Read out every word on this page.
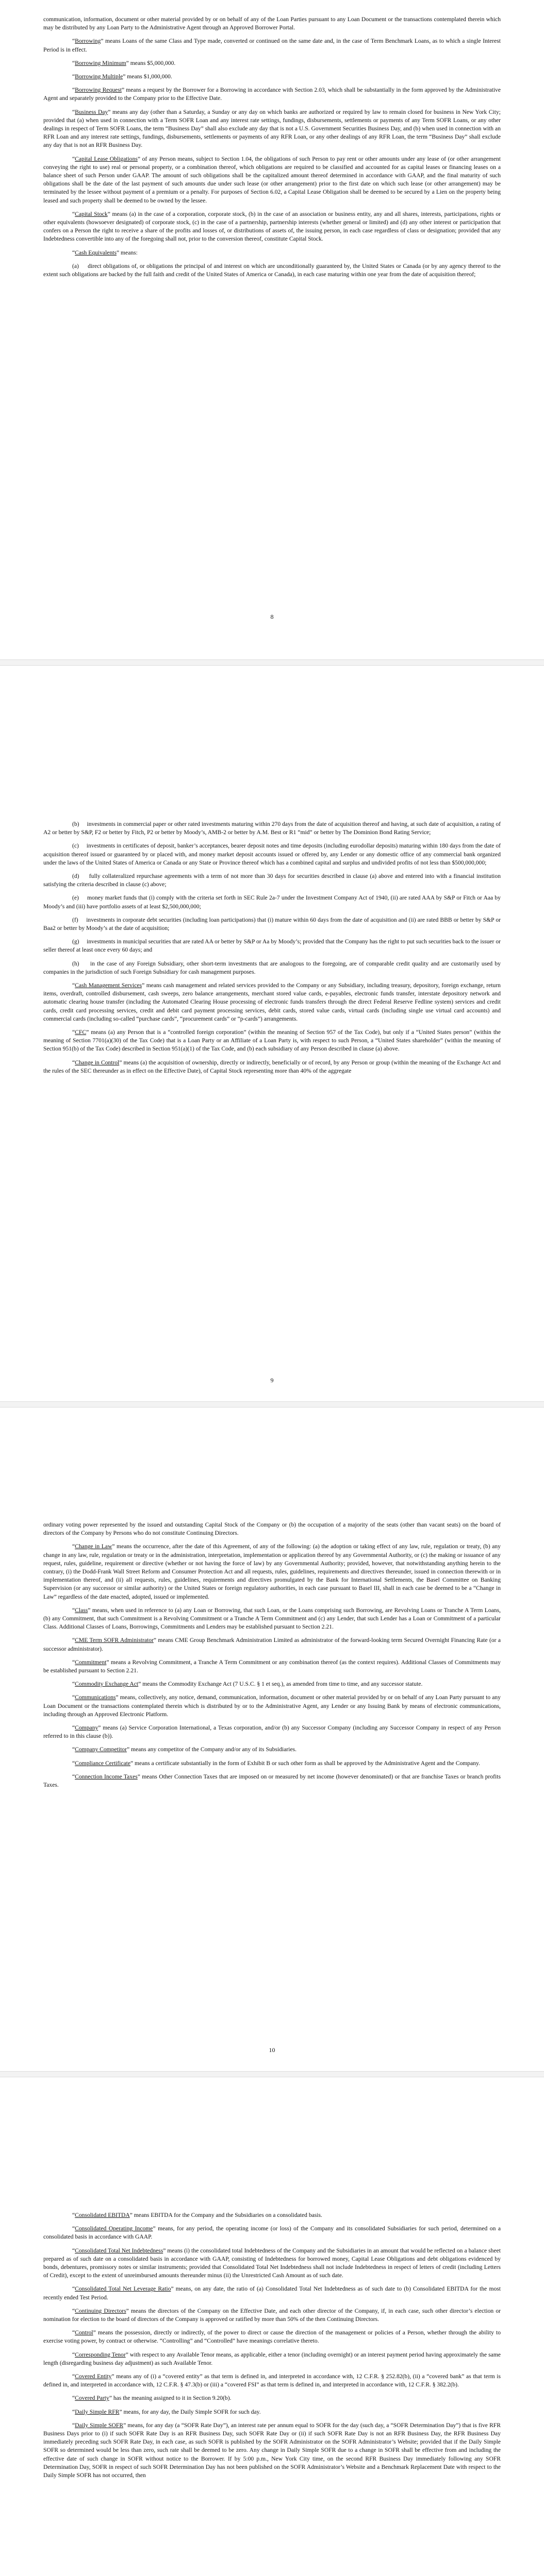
communication, information, document or other material provided by or on behalf of any of the Loan Parties pursuant to any Loan Document or the transactions contemplated therein which may be distributed by any Loan Party to the Administrative Agent through an Approved Borrower Portal.

“Borrowing” means Loans of the same Class and Type made, converted or continued on the same date and, in the case of Term Benchmark Loans, as to which a single Interest Period is in effect.

“Borrowing Minimum” means $5,000,000.

“Borrowing Multiple” means $1,000,000.

“Borrowing Request” means a request by the Borrower for a Borrowing in accordance with Section 2.03, which shall be substantially in the form approved by the Administrative Agent and separately provided to the Company prior to the Effective Date.

“Business Day” means any day (other than a Saturday, a Sunday or any day on which banks are authorized or required by law to remain closed for business in New York City; provided that (a) when used in connection with a Term SOFR Loan and any interest rate settings, fundings, disbursements, settlements or payments of any Term SOFR Loans, or any other dealings in respect of Term SOFR Loans, the term “Business Day” shall also exclude any day that is not a U.S. Government Securities Business Day, and (b) when used in connection with an RFR Loan and any interest rate settings, fundings, disbursements, settlements or payments of any RFR Loan, or any other dealings of any RFR Loan, the term “Business Day” shall exclude any day that is not an RFR Business Day.

“Capital Lease Obligations” of any Person means, subject to Section 1.04, the obligations of such Person to pay rent or other amounts under any lease of (or other arrangement conveying the right to use) real or personal property, or a combination thereof, which obligations are required to be classified and accounted for as capital leases or financing leases on a balance sheet of such Person under GAAP. The amount of such obligations shall be the capitalized amount thereof determined in accordance with GAAP, and the final maturity of such obligations shall be the date of the last payment of such amounts due under such lease (or other arrangement) prior to the first date on which such lease (or other arrangement) may be terminated by the lessee without payment of a premium or a penalty. For purposes of Section 6.02, a Capital Lease Obligation shall be deemed to be secured by a Lien on the property being leased and such property shall be deemed to be owned by the lessee.

“Capital Stock” means (a) in the case of a corporation, corporate stock, (b) in the case of an association or business entity, any and all shares, interests, participations, rights or other equivalents (howsoever designated) of corporate stock, (c) in the case of a partnership, partnership interests (whether general or limited) and (d) any other interest or participation that confers on a Person the right to receive a share of the profits and losses of, or distributions of assets of, the issuing person, in each case regardless of class or designation; provided that any Indebtedness convertible into any of the foregoing shall not, prior to the conversion thereof, constitute Capital Stock.

“Cash Equivalents” means:

(a)     direct obligations of, or obligations the principal of and interest on which are unconditionally guaranteed by, the United States or Canada (or by any agency thereof to the extent such obligations are backed by the full faith and credit of the United States of America or Canada), in each case maturing within one year from the date of acquisition thereof;

8

(b)     investments in commercial paper or other rated investments maturing within 270 days from the date of acquisition thereof and having, at such date of acquisition, a rating of A2 or better by S&P, F2 or better by Fitch, P2 or better by Moody’s, AMB-2 or better by A.M. Best or R1 “mid” or better by The Dominion Bond Rating Service;

(c)     investments in certificates of deposit, banker’s acceptances, bearer deposit notes and time deposits (including eurodollar deposits) maturing within 180 days from the date of acquisition thereof issued or guaranteed by or placed with, and money market deposit accounts issued or offered by, any Lender or any domestic office of any commercial bank organized under the laws of the United States of America or Canada or any State or Province thereof which has a combined capital and surplus and undivided profits of not less than $500,000,000;

(d)     fully collateralized repurchase agreements with a term of not more than 30 days for securities described in clause (a) above and entered into with a financial institution satisfying the criteria described in clause (c) above;

(e)     money market funds that (i) comply with the criteria set forth in SEC Rule 2a-7 under the Investment Company Act of 1940, (ii) are rated AAA by S&P or Fitch or Aaa by Moody’s and (iii) have portfolio assets of at least $2,500,000,000;

(f)     investments in corporate debt securities (including loan participations) that (i) mature within 60 days from the date of acquisition and (ii) are rated BBB or better by S&P or Baa2 or better by Moody’s at the date of acquisition;

(g)     investments in municipal securities that are rated AA or better by S&P or Aa by Moody’s; provided that the Company has the right to put such securities back to the issuer or seller thereof at least once every 60 days; and

(h)     in the case of any Foreign Subsidiary, other short-term investments that are analogous to the foregoing, are of comparable credit quality and are customarily used by companies in the jurisdiction of such Foreign Subsidiary for cash management purposes.

“Cash Management Services” means cash management and related services provided to the Company or any Subsidiary, including treasury, depository, foreign exchange, return items, overdraft, controlled disbursement, cash sweeps, zero balance arrangements, merchant stored value cards, e-payables, electronic funds transfer, interstate depository network and automatic clearing house transfer (including the Automated Clearing House processing of electronic funds transfers through the direct Federal Reserve Fedline system) services and credit cards, credit card processing services, credit and debit card payment processing services, debit cards, stored value cards, virtual cards (including single use virtual card accounts) and commercial cards (including so-called “purchase cards”, “procurement cards” or “p-cards”) arrangements.

“CFC” means (a) any Person that is a “controlled foreign corporation” (within the meaning of Section 957 of the Tax Code), but only if a “United States person” (within the meaning of Section 7701(a)(30) of the Tax Code) that is a Loan Party or an Affiliate of a Loan Party is, with respect to such Person, a “United States shareholder” (within the meaning of Section 951(b) of the Tax Code) described in Section 951(a)(1) of the Tax Code, and (b) each subsidiary of any Person described in clause (a) above.

“Change in Control” means (a) the acquisition of ownership, directly or indirectly, beneficially or of record, by any Person or group (within the meaning of the Exchange Act and the rules of the SEC thereunder as in effect on the Effective Date), of Capital Stock representing more than 40% of the aggregate

9

ordinary voting power represented by the issued and outstanding Capital Stock of the Company or (b) the occupation of a majority of the seats (other than vacant seats) on the board of directors of the Company by Persons who do not constitute Continuing Directors.

“Change in Law” means the occurrence, after the date of this Agreement, of any of the following: (a) the adoption or taking effect of any law, rule, regulation or treaty, (b) any change in any law, rule, regulation or treaty or in the administration, interpretation, implementation or application thereof by any Governmental Authority, or (c) the making or issuance of any request, rules, guideline, requirement or directive (whether or not having the force of law) by any Governmental Authority; provided, however, that notwithstanding anything herein to the contrary, (i) the Dodd-Frank Wall Street Reform and Consumer Protection Act and all requests, rules, guidelines, requirements and directives thereunder, issued in connection therewith or in implementation thereof, and (ii) all requests, rules, guidelines, requirements and directives promulgated by the Bank for International Settlements, the Basel Committee on Banking Supervision (or any successor or similar authority) or the United States or foreign regulatory authorities, in each case pursuant to Basel III, shall in each case be deemed to be a “Change in Law” regardless of the date enacted, adopted, issued or implemented.

“Class” means, when used in reference to (a) any Loan or Borrowing, that such Loan, or the Loans comprising such Borrowing, are Revolving Loans or Tranche A Term Loans, (b) any Commitment, that such Commitment is a Revolving Commitment or a Tranche A Term Commitment and (c) any Lender, that such Lender has a Loan or Commitment of a particular Class. Additional Classes of Loans, Borrowings, Commitments and Lenders may be established pursuant to Section 2.21.

“CME Term SOFR Administrator” means CME Group Benchmark Administration Limited as administrator of the forward-looking term Secured Overnight Financing Rate (or a successor administrator).

“Commitment” means a Revolving Commitment, a Tranche A Term Commitment or any combination thereof (as the context requires). Additional Classes of Commitments may be established pursuant to Section 2.21.

“Commodity Exchange Act” means the Commodity Exchange Act (7 U.S.C. § 1 et seq.), as amended from time to time, and any successor statute.

“Communications” means, collectively, any notice, demand, communication, information, document or other material provided by or on behalf of any Loan Party pursuant to any Loan Document or the transactions contemplated therein which is distributed by or to the Administrative Agent, any Lender or any Issuing Bank by means of electronic communications, including through an Approved Electronic Platform.

“Company” means (a) Service Corporation International, a Texas corporation, and/or (b) any Successor Company (including any Successor Company in respect of any Person referred to in this clause (b)).

“Company Competitor” means any competitor of the Company and/or any of its Subsidiaries.

“Compliance Certificate” means a certificate substantially in the form of Exhibit B or such other form as shall be approved by the Administrative Agent and the Company.

“Connection Income Taxes” means Other Connection Taxes that are imposed on or measured by net income (however denominated) or that are franchise Taxes or branch profits Taxes.

10

“Consolidated EBITDA” means EBITDA for the Company and the Subsidiaries on a consolidated basis.

“Consolidated Operating Income” means, for any period, the operating income (or loss) of the Company and its consolidated Subsidiaries for such period, determined on a consolidated basis in accordance with GAAP.

“Consolidated Total Net Indebtedness” means (i) the consolidated total Indebtedness of the Company and the Subsidiaries in an amount that would be reflected on a balance sheet prepared as of such date on a consolidated basis in accordance with GAAP, consisting of Indebtedness for borrowed money, Capital Lease Obligations and debt obligations evidenced by bonds, debentures, promissory notes or similar instruments; provided that Consolidated Total Net Indebtedness shall not include Indebtedness in respect of letters of credit (including Letters of Credit), except to the extent of unreimbursed amounts thereunder minus (ii) the Unrestricted Cash Amount as of such date.

“Consolidated Total Net Leverage Ratio” means, on any date, the ratio of (a) Consolidated Total Net Indebtedness as of such date to (b) Consolidated EBITDA for the most recently ended Test Period.

“Continuing Directors” means the directors of the Company on the Effective Date, and each other director of the Company, if, in each case, such other director’s election or nomination for election to the board of directors of the Company is approved or ratified by more than 50% of the then Continuing Directors.

“Control” means the possession, directly or indirectly, of the power to direct or cause the direction of the management or policies of a Person, whether through the ability to exercise voting power, by contract or otherwise. “Controlling” and “Controlled” have meanings correlative thereto.

“Corresponding Tenor” with respect to any Available Tenor means, as applicable, either a tenor (including overnight) or an interest payment period having approximately the same length (disregarding business day adjustment) as such Available Tenor.

“Covered Entity” means any of (i) a “covered entity” as that term is defined in, and interpreted in accordance with, 12 C.F.R. § 252.82(b), (ii) a “covered bank” as that term is defined in, and interpreted in accordance with, 12 C.F.R. § 47.3(b) or (iii) a “covered FSI” as that term is defined in, and interpreted in accordance with, 12 C.F.R. § 382.2(b).

“Covered Party” has the meaning assigned to it in Section 9.20(b).

“Daily Simple RFR” means, for any day, the Daily Simple SOFR for such day.

“Daily Simple SOFR” means, for any day (a “SOFR Rate Day”), an interest rate per annum equal to SOFR for the day (such day, a “SOFR Determination Day”) that is five RFR Business Days prior to (i) if such SOFR Rate Day is an RFR Business Day, such SOFR Rate Day or (ii) if such SOFR Rate Day is not an RFR Business Day, the RFR Business Day immediately preceding such SOFR Rate Day, in each case, as such SOFR is published by the SOFR Administrator on the SOFR Administrator’s Website; provided that if the Daily Simple SOFR so determined would be less than zero, such rate shall be deemed to be zero. Any change in Daily Simple SOFR due to a change in SOFR shall be effective from and including the effective date of such change in SOFR without notice to the Borrower. If by 5:00 p.m., New York City time, on the second RFR Business Day immediately following any SOFR Determination Day, SOFR in respect of such SOFR Determination Day has not been published on the SOFR Administrator’s Website and a Benchmark Replacement Date with respect to the Daily Simple SOFR has not occurred, then
